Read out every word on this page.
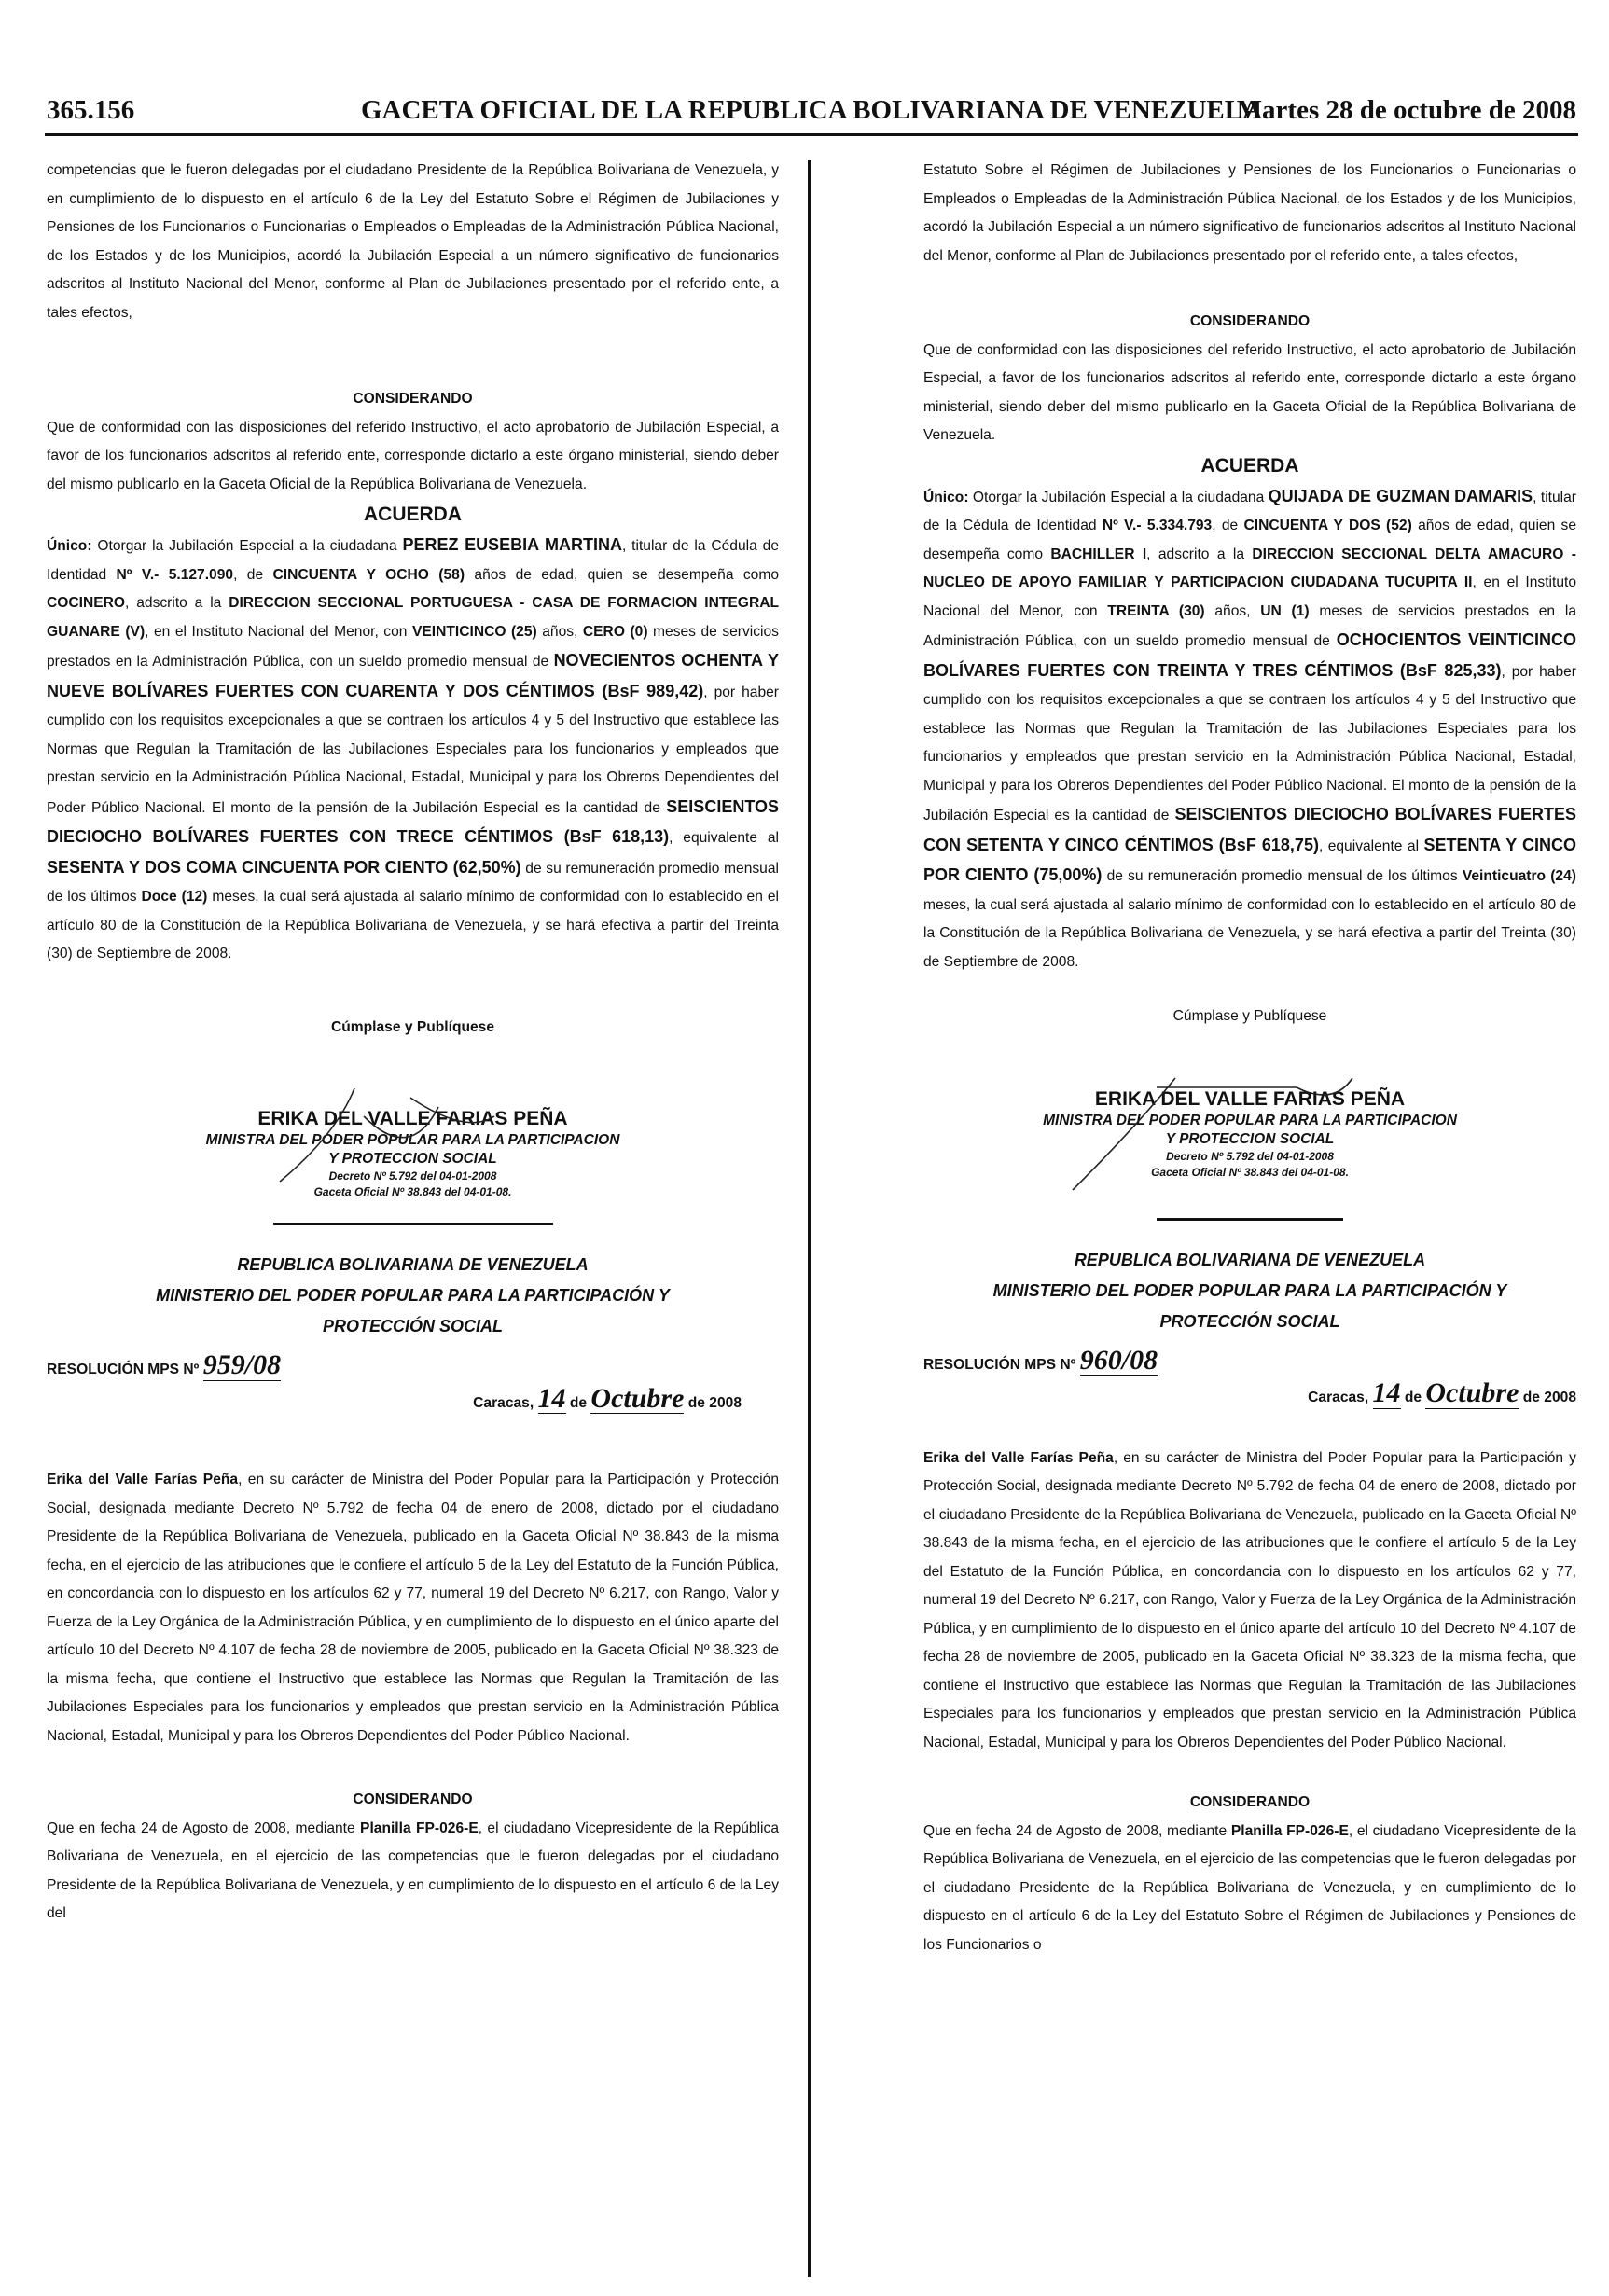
365.156	GACETA OFICIAL DE LA REPUBLICA BOLIVARIANA DE VENEZUELA
Martes 28 de octubre de 2008

competencias que le fueron delegadas por el ciudadano Presidente de la República Bolivariana de Venezuela, y en cumplimiento de lo dispuesto en el artículo 6 de la Ley del Estatuto Sobre el Régimen de Jubilaciones y Pensiones de los Funcionarios o Funcionarias o Empleados o Empleadas de la Administración Pública Nacional, de los Estados y de los Municipios, acordó la Jubilación Especial a un número significativo de funcionarios adscritos al Instituto Nacional del Menor, conforme al Plan de Jubilaciones presentado por el referido ente, a tales efectos,

CONSIDERANDO

Que de conformidad con las disposiciones del referido Instructivo, el acto aprobatorio de Jubilación Especial, a favor de los funcionarios adscritos al referido ente, corresponde dictarlo a este órgano ministerial, siendo deber del mismo publicarlo en la Gaceta Oficial de la República Bolivariana de Venezuela.

ACUERDA

Único: Otorgar la Jubilación Especial a la ciudadana PEREZ EUSEBIA MARTINA, titular de la Cédula de Identidad Nº V.- 5.127.090, de CINCUENTA Y OCHO (58) años de edad, quien se desempeña como COCINERO, adscrito a la DIRECCION SECCIONAL PORTUGUESA - CASA DE FORMACION INTEGRAL GUANARE (V), en el Instituto Nacional del Menor, con VEINTICINCO (25) años, CERO (0) meses de servicios prestados en la Administración Pública, con un sueldo promedio mensual de NOVECIENTOS OCHENTA Y NUEVE BOLÍVARES FUERTES CON CUARENTA Y DOS CÉNTIMOS (BsF 989,42), por haber cumplido con los requisitos excepcionales a que se contraen los artículos 4 y 5 del Instructivo que establece las Normas que Regulan la Tramitación de las Jubilaciones Especiales para los funcionarios y empleados que prestan servicio en la Administración Pública Nacional, Estadal, Municipal y para los Obreros Dependientes del Poder Público Nacional. El monto de la pensión de la Jubilación Especial es la cantidad de SEISCIENTOS DIECIOCHO BOLÍVARES FUERTES CON TRECE CÉNTIMOS (BsF 618,13), equivalente al SESENTA Y DOS COMA CINCUENTA POR CIENTO (62,50%) de su remuneración promedio mensual de los últimos Doce (12) meses, la cual será ajustada al salario mínimo de conformidad con lo establecido en el artículo 80 de la Constitución de la República Bolivariana de Venezuela, y se hará efectiva a partir del Treinta (30) de Septiembre de 2008.

Cúmplase y Publíquese

ERIKA DEL VALLE FARIAS PEÑA
MINISTRA DEL PODER POPULAR PARA LA PARTICIPACION
Y PROTECCION SOCIAL
Decreto Nº 5.792 del 04-01-2008
Gaceta Oficial Nº 38.843 del 04-01-08.

REPUBLICA BOLIVARIANA DE VENEZUELA

MINISTERIO DEL PODER POPULAR PARA LA PARTICIPACIÓN Y

PROTECCIÓN SOCIAL

RESOLUCIÓN MPS Nº 959/08

Caracas, 14 de Octubre de 2008

Erika del Valle Farías Peña, en su carácter de Ministra del Poder Popular para la Participación y Protección Social, designada mediante Decreto Nº 5.792 de fecha 04 de enero de 2008, dictado por el ciudadano Presidente de la República Bolivariana de Venezuela, publicado en la Gaceta Oficial Nº 38.843 de la misma fecha, en el ejercicio de las atribuciones que le confiere el artículo 5 de la Ley del Estatuto de la Función Pública, en concordancia con lo dispuesto en los artículos 62 y 77, numeral 19 del Decreto Nº 6.217, con Rango, Valor y Fuerza de la Ley Orgánica de la Administración Pública, y en cumplimiento de lo dispuesto en el único aparte del artículo 10 del Decreto Nº 4.107 de fecha 28 de noviembre de 2005, publicado en la Gaceta Oficial Nº 38.323 de la misma fecha, que contiene el Instructivo que establece las Normas que Regulan la Tramitación de las Jubilaciones Especiales para los funcionarios y empleados que prestan servicio en la Administración Pública Nacional, Estadal, Municipal y para los Obreros Dependientes del Poder Público Nacional.

CONSIDERANDO

Que en fecha 24 de Agosto de 2008, mediante Planilla FP-026-E, el ciudadano Vicepresidente de la República Bolivariana de Venezuela, en el ejercicio de las competencias que le fueron delegadas por el ciudadano Presidente de la República Bolivariana de Venezuela, y en cumplimiento de lo dispuesto en el artículo 6 de la Ley del

Estatuto Sobre el Régimen de Jubilaciones y Pensiones de los Funcionarios o Funcionarias o Empleados o Empleadas de la Administración Pública Nacional, de los Estados y de los Municipios, acordó la Jubilación Especial a un número significativo de funcionarios adscritos al Instituto Nacional del Menor, conforme al Plan de Jubilaciones presentado por el referido ente, a tales efectos,

CONSIDERANDO

Que de conformidad con las disposiciones del referido Instructivo, el acto aprobatorio de Jubilación Especial, a favor de los funcionarios adscritos al referido ente, corresponde dictarlo a este órgano ministerial, siendo deber del mismo publicarlo en la Gaceta Oficial de la República Bolivariana de Venezuela.

ACUERDA

Único: Otorgar la Jubilación Especial a la ciudadana QUIJADA DE GUZMAN DAMARIS, titular de la Cédula de Identidad Nº V.- 5.334.793, de CINCUENTA Y DOS (52) años de edad, quien se desempeña como BACHILLER I, adscrito a la DIRECCION SECCIONAL DELTA AMACURO - NUCLEO DE APOYO FAMILIAR Y PARTICIPACION CIUDADANA TUCUPITA II, en el Instituto Nacional del Menor, con TREINTA (30) años, UN (1) meses de servicios prestados en la Administración Pública, con un sueldo promedio mensual de OCHOCIENTOS VEINTICINCO BOLÍVARES FUERTES CON TREINTA Y TRES CÉNTIMOS (BsF 825,33), por haber cumplido con los requisitos excepcionales a que se contraen los artículos 4 y 5 del Instructivo que establece las Normas que Regulan la Tramitación de las Jubilaciones Especiales para los funcionarios y empleados que prestan servicio en la Administración Pública Nacional, Estadal, Municipal y para los Obreros Dependientes del Poder Público Nacional. El monto de la pensión de la Jubilación Especial es la cantidad de SEISCIENTOS DIECIOCHO BOLÍVARES FUERTES CON SETENTA Y CINCO CÉNTIMOS (BsF 618,75), equivalente al SETENTA Y CINCO POR CIENTO (75,00%) de su remuneración promedio mensual de los últimos Veinticuatro (24) meses, la cual será ajustada al salario mínimo de conformidad con lo establecido en el artículo 80 de la Constitución de la República Bolivariana de Venezuela, y se hará efectiva a partir del Treinta (30) de Septiembre de 2008.

Cúmplase y Publíquese

ERIKA DEL VALLE FARIAS PEÑA
MINISTRA DEL PODER POPULAR PARA LA PARTICIPACION
Y PROTECCION SOCIAL
Decreto Nº 5.792 del 04-01-2008
Gaceta Oficial Nº 38.843 del 04-01-08.

REPUBLICA BOLIVARIANA DE VENEZUELA

MINISTERIO DEL PODER POPULAR PARA LA PARTICIPACIÓN Y

PROTECCIÓN SOCIAL

RESOLUCIÓN MPS Nº 960/08

Caracas, 14 de Octubre de 2008

Erika del Valle Farías Peña, en su carácter de Ministra del Poder Popular para la Participación y Protección Social, designada mediante Decreto Nº 5.792 de fecha 04 de enero de 2008, dictado por el ciudadano Presidente de la República Bolivariana de Venezuela, publicado en la Gaceta Oficial Nº 38.843 de la misma fecha, en el ejercicio de las atribuciones que le confiere el artículo 5 de la Ley del Estatuto de la Función Pública, en concordancia con lo dispuesto en los artículos 62 y 77, numeral 19 del Decreto Nº 6.217, con Rango, Valor y Fuerza de la Ley Orgánica de la Administración Pública, y en cumplimiento de lo dispuesto en el único aparte del artículo 10 del Decreto Nº 4.107 de fecha 28 de noviembre de 2005, publicado en la Gaceta Oficial Nº 38.323 de la misma fecha, que contiene el Instructivo que establece las Normas que Regulan la Tramitación de las Jubilaciones Especiales para los funcionarios y empleados que prestan servicio en la Administración Pública Nacional, Estadal, Municipal y para los Obreros Dependientes del Poder Público Nacional.

CONSIDERANDO

Que en fecha 24 de Agosto de 2008, mediante Planilla FP-026-E, el ciudadano Vicepresidente de la República Bolivariana de Venezuela, en el ejercicio de las competencias que le fueron delegadas por el ciudadano Presidente de la República Bolivariana de Venezuela, y en cumplimiento de lo dispuesto en el artículo 6 de la Ley del Estatuto Sobre el Régimen de Jubilaciones y Pensiones de los Funcionarios o
